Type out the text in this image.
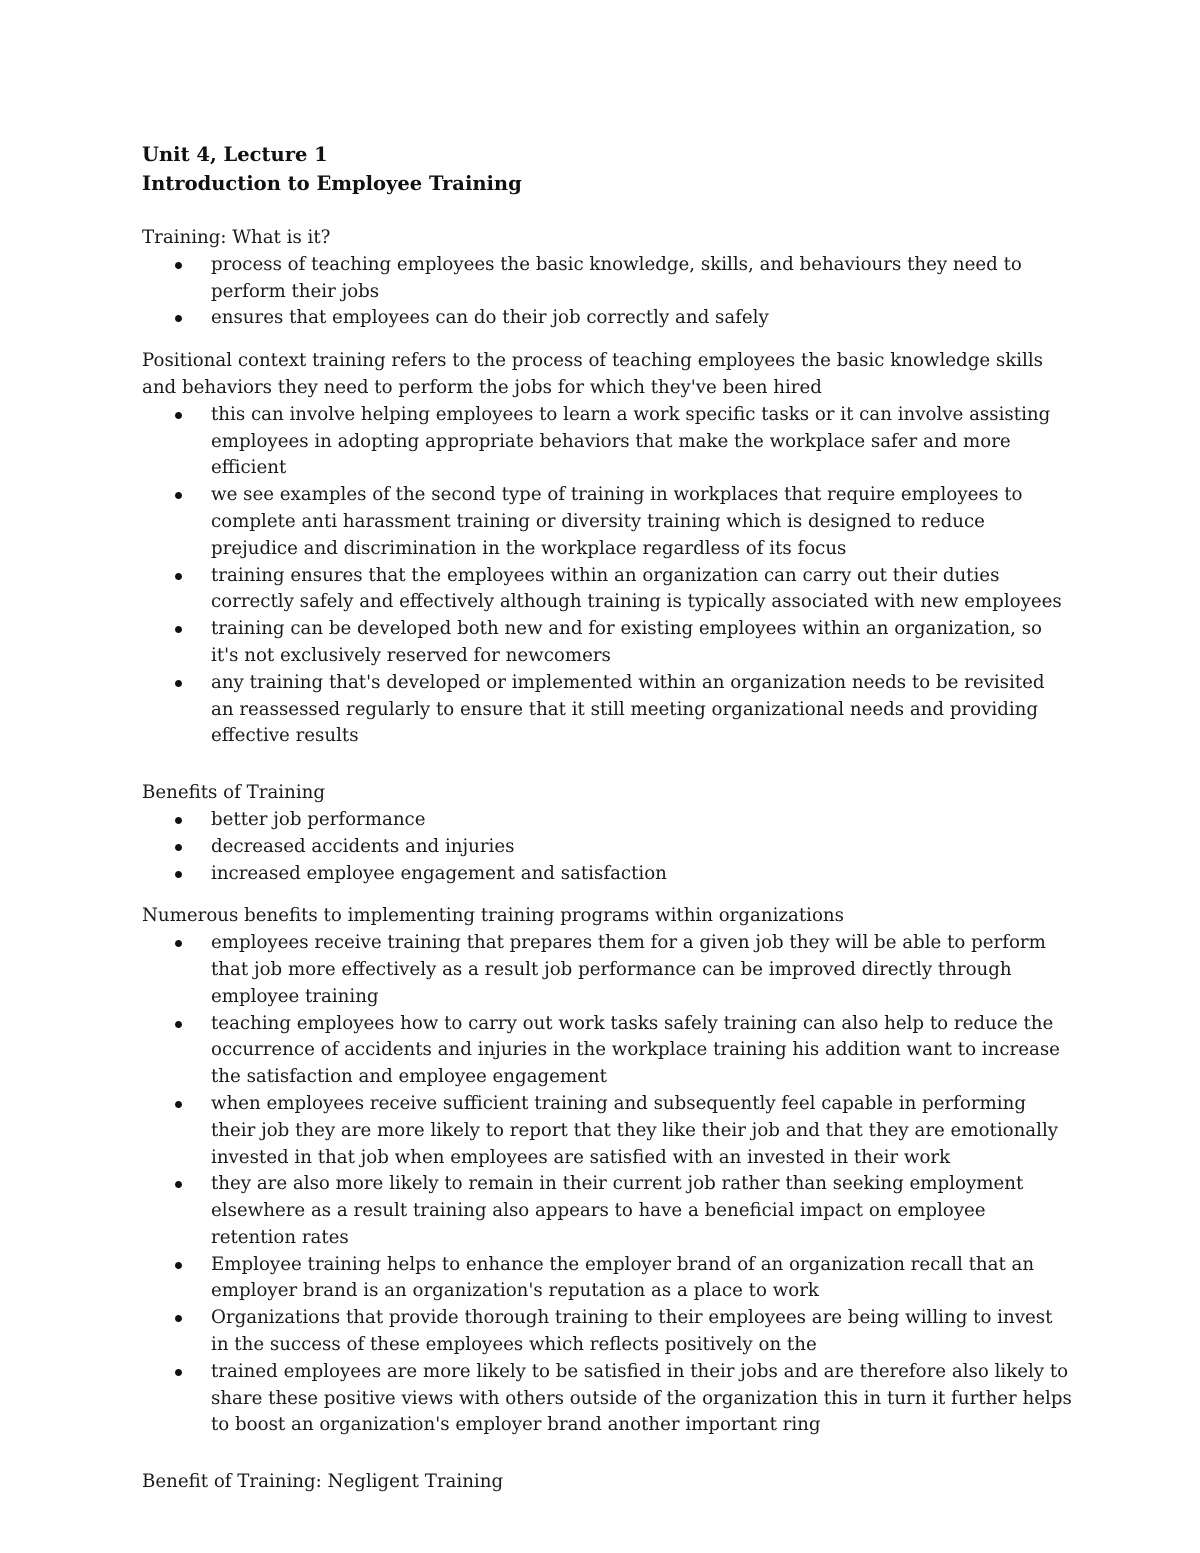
Unit 4, Lecture 1
Introduction to Employee Training

Training: What is it?

process of teaching employees the basic knowledge, skills, and behaviours they need to perform their jobs
ensures that employees can do their job correctly and safely

Positional context training refers to the process of teaching employees the basic knowledge skills and behaviors they need to perform the jobs for which they've been hired

this can involve helping employees to learn a work specific tasks or it can involve assisting employees in adopting appropriate behaviors that make the workplace safer and more efficient
we see examples of the second type of training in workplaces that require employees to complete anti harassment training or diversity training which is designed to reduce prejudice and discrimination in the workplace regardless of its focus
training ensures that the employees within an organization can carry out their duties correctly safely and effectively although training is typically associated with new employees
training can be developed both new and for existing employees within an organization, so it's not exclusively reserved for newcomers
any training that's developed or implemented within an organization needs to be revisited an reassessed regularly to ensure that it still meeting organizational needs and providing effective results

Benefits of Training

better job performance
decreased accidents and injuries
increased employee engagement and satisfaction

Numerous benefits to implementing training programs within organizations

employees receive training that prepares them for a given job they will be able to perform that job more effectively as a result job performance can be improved directly through employee training
teaching employees how to carry out work tasks safely training can also help to reduce the occurrence of accidents and injuries in the workplace training his addition want to increase the satisfaction and employee engagement
when employees receive sufficient training and subsequently feel capable in performing their job they are more likely to report that they like their job and that they are emotionally invested in that job when employees are satisfied with an invested in their work
they are also more likely to remain in their current job rather than seeking employment elsewhere as a result training also appears to have a beneficial impact on employee retention rates
Employee training helps to enhance the employer brand of an organization recall that an employer brand is an organization's reputation as a place to work
Organizations that provide thorough training to their employees are being willing to invest in the success of these employees which reflects positively on the
trained employees are more likely to be satisfied in their jobs and are therefore also likely to share these positive views with others outside of the organization this in turn it further helps to boost an organization's employer brand another important ring

Benefit of Training: Negligent Training
